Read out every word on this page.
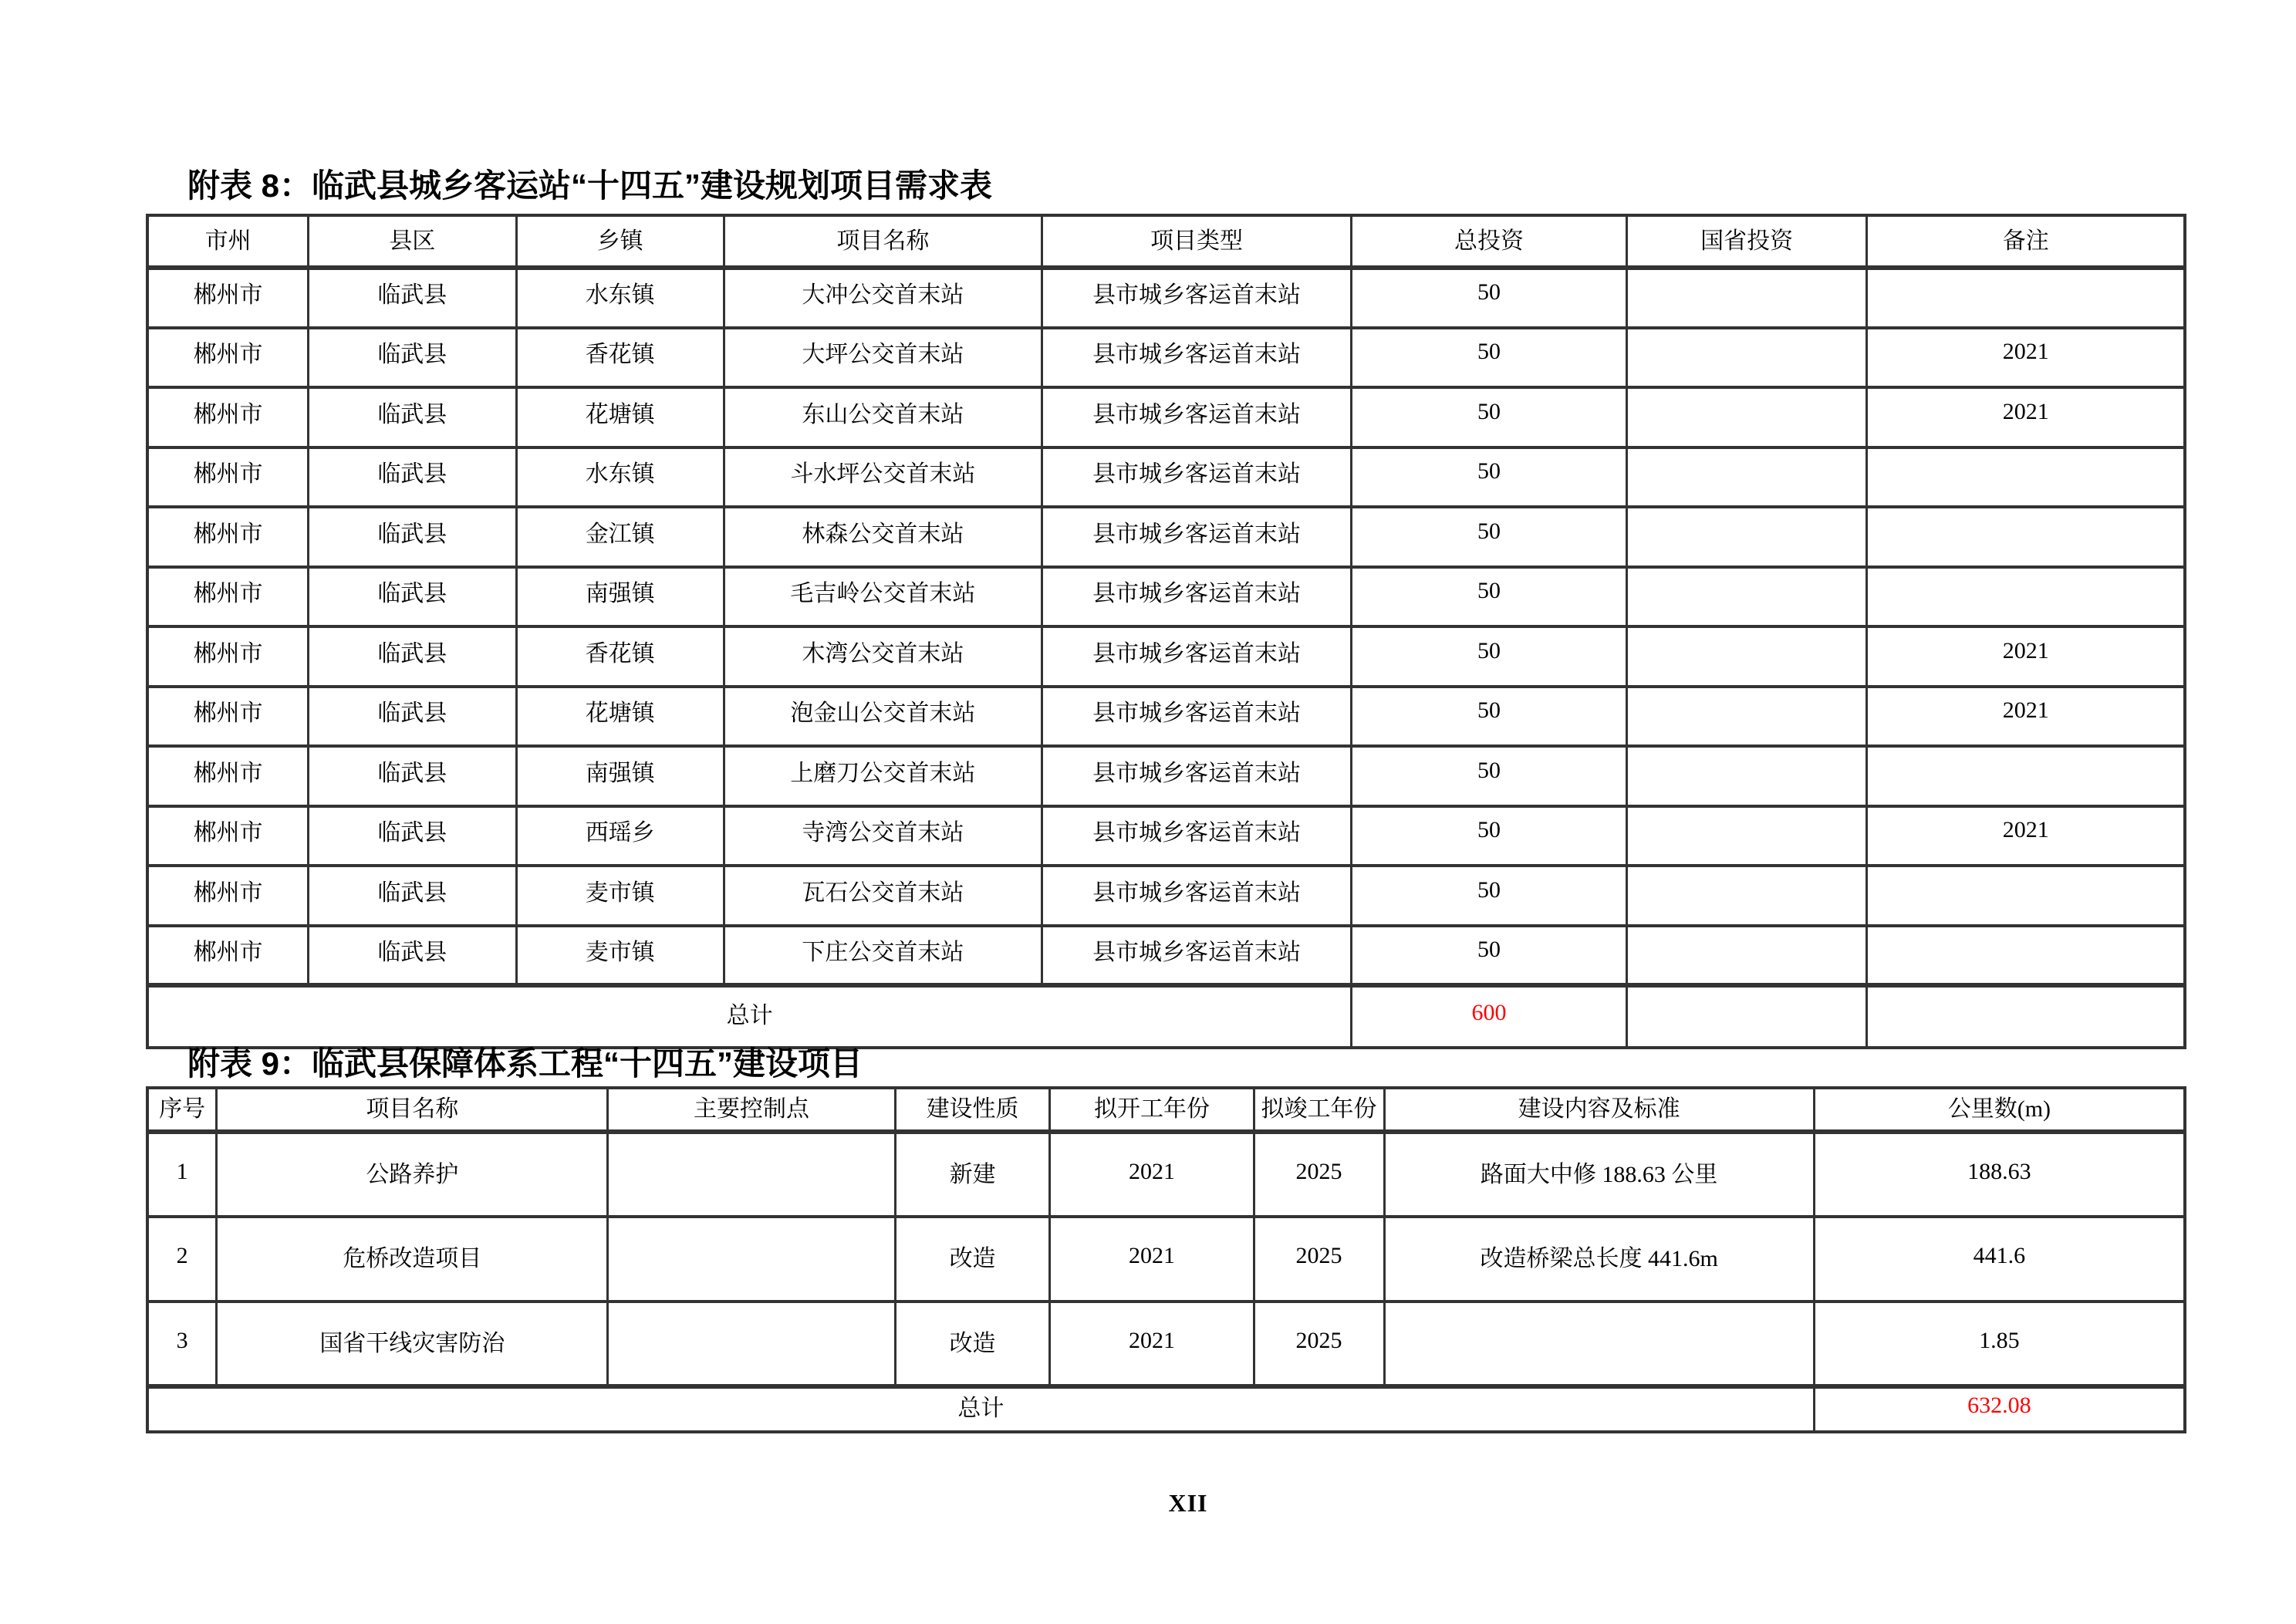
附表 8：临武县城乡客运站“十四五”建设规划项目需求表
市州	县区	乡镇	项目名称	项目类型	总投资	国省投资	备注
郴州市	临武县	水东镇	大冲公交首末站	县市城乡客运首末站	50		
郴州市	临武县	香花镇	大坪公交首末站	县市城乡客运首末站	50		2021
郴州市	临武县	花塘镇	东山公交首末站	县市城乡客运首末站	50		2021
郴州市	临武县	水东镇	斗水坪公交首末站	县市城乡客运首末站	50		
郴州市	临武县	金江镇	林森公交首末站	县市城乡客运首末站	50		
郴州市	临武县	南强镇	毛吉岭公交首末站	县市城乡客运首末站	50		
郴州市	临武县	香花镇	木湾公交首末站	县市城乡客运首末站	50		2021
郴州市	临武县	花塘镇	泡金山公交首末站	县市城乡客运首末站	50		2021
郴州市	临武县	南强镇	上磨刀公交首末站	县市城乡客运首末站	50		
郴州市	临武县	西瑶乡	寺湾公交首末站	县市城乡客运首末站	50		2021
郴州市	临武县	麦市镇	瓦石公交首末站	县市城乡客运首末站	50		
郴州市	临武县	麦市镇	下庄公交首末站	县市城乡客运首末站	50		
总计					600		
附表 9：临武县保障体系工程“十四五”建设项目
序号	项目名称	主要控制点	建设性质	拟开工年份	拟竣工年份	建设内容及标准	公里数(m)
1	公路养护		新建	2021	2025	路面大中修 188.63 公里	188.63
2	危桥改造项目		改造	2021	2025	改造桥梁总长度 441.6m	441.6
3	国省干线灾害防治		改造	2021	2025		1.85
总计							632.08
XII
